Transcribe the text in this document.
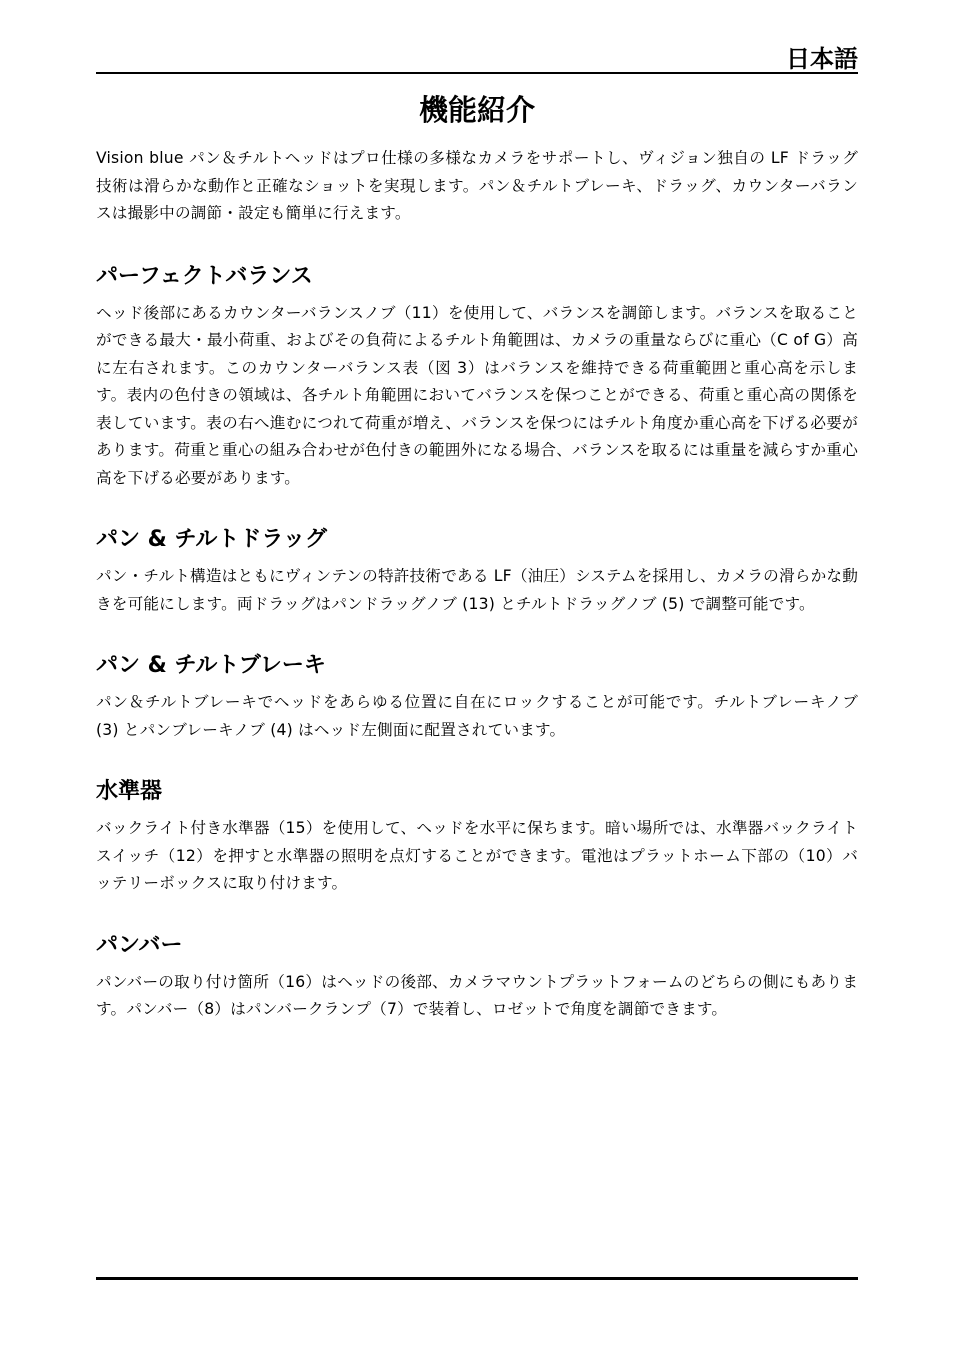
日本語
機能紹介

Vision blue パン＆チルトヘッドはプロ仕様の多様なカメラをサポートし、ヴィジョン独自の LF ドラッグ技術は滑らかな動作と正確なショットを実現します。パン＆チルトブレーキ、ドラッグ、カウンターバランスは撮影中の調節・設定も簡単に行えます。

パーフェクトバランス

ヘッド後部にあるカウンターバランスノブ（11）を使用して、バランスを調節します。バランスを取ることができる最大・最小荷重、およびその負荷によるチルト角範囲は、カメラの重量ならびに重心（C of G）高に左右されます。このカウンターバランス表（図 3）はバランスを維持できる荷重範囲と重心高を示します。表内の色付きの領域は、各チルト角範囲においてバランスを保つことができる、荷重と重心高の関係を表しています。表の右へ進むにつれて荷重が増え、バランスを保つにはチルト角度か重心高を下げる必要があります。荷重と重心の組み合わせが色付きの範囲外になる場合、バランスを取るには重量を減らすか重心高を下げる必要があります。

パン & チルトドラッグ

パン・チルト構造はともにヴィンテンの特許技術である LF（油圧）システムを採用し、カメラの滑らかな動きを可能にします。両ドラッグはパンドラッグノブ (13) とチルトドラッグノブ (5) で調整可能です。

パン & チルトブレーキ

パン＆チルトブレーキでヘッドをあらゆる位置に自在にロックすることが可能です。チルトブレーキノブ (3) とパンブレーキノブ (4) はヘッド左側面に配置されています。

水準器

バックライト付き水準器（15）を使用して、ヘッドを水平に保ちます。暗い場所では、水準器バックライトスイッチ（12）を押すと水準器の照明を点灯することができます。電池はプラットホーム下部の（10）バッテリーボックスに取り付けます。

パンバー

パンバーの取り付け箇所（16）はヘッドの後部、カメラマウントプラットフォームのどちらの側にもあります。パンバー（8）はパンバークランプ（7）で装着し、ロゼットで角度を調節できます。
